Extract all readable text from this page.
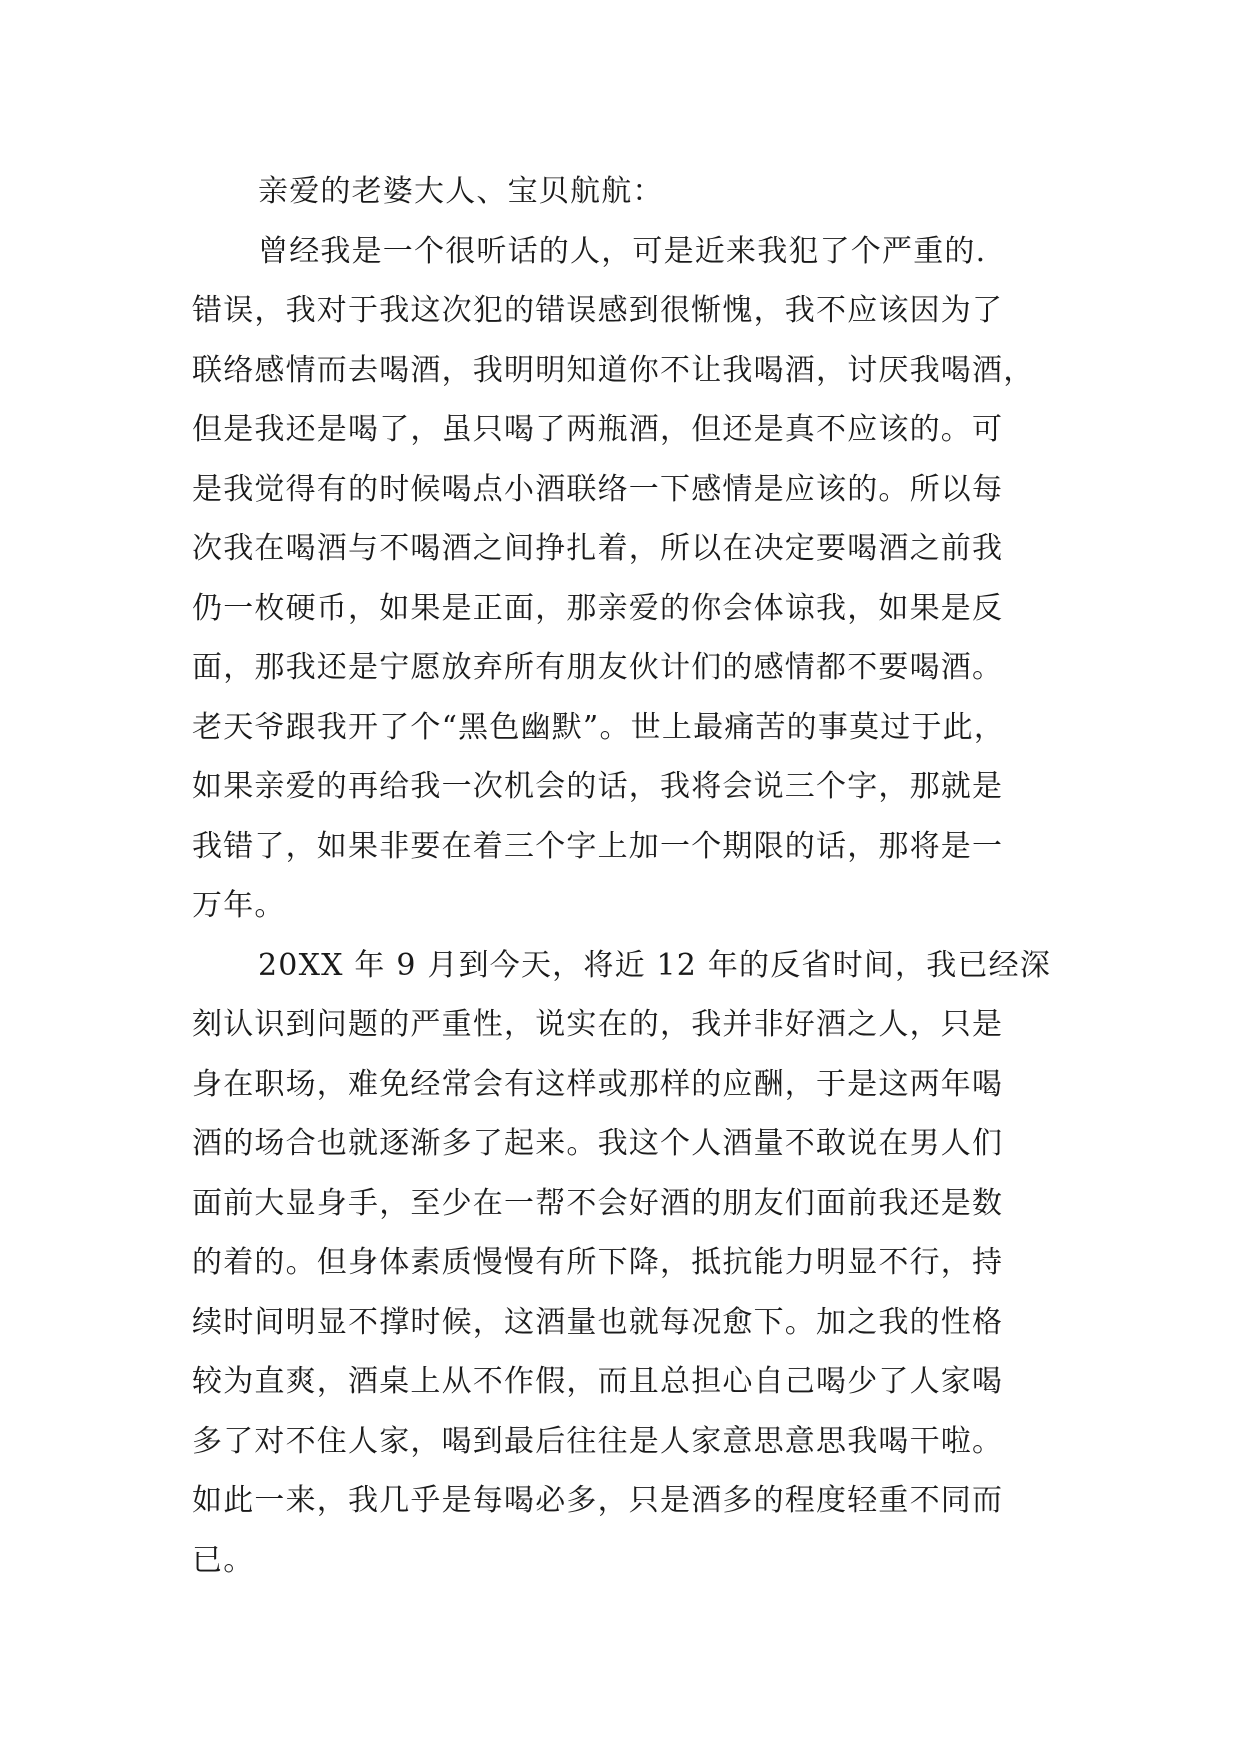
亲爱的老婆大人、宝贝航航：
曾经我是一个很听话的人，可是近来我犯了个严重的.
错误，我对于我这次犯的错误感到很惭愧，我不应该因为了
联络感情而去喝酒，我明明知道你不让我喝酒，讨厌我喝酒，
但是我还是喝了，虽只喝了两瓶酒，但还是真不应该的。可
是我觉得有的时候喝点小酒联络一下感情是应该的。所以每
次我在喝酒与不喝酒之间挣扎着，所以在决定要喝酒之前我
仍一枚硬币，如果是正面，那亲爱的你会体谅我，如果是反
面，那我还是宁愿放弃所有朋友伙计们的感情都不要喝酒。
老天爷跟我开了个“黑色幽默”。世上最痛苦的事莫过于此，
如果亲爱的再给我一次机会的话，我将会说三个字，那就是
我错了，如果非要在着三个字上加一个期限的话，那将是一
万年。
20XX 年 9 月到今天，将近 12 年的反省时间，我已经深
刻认识到问题的严重性，说实在的，我并非好酒之人，只是
身在职场，难免经常会有这样或那样的应酬，于是这两年喝
酒的场合也就逐渐多了起来。我这个人酒量不敢说在男人们
面前大显身手，至少在一帮不会好酒的朋友们面前我还是数
的着的。但身体素质慢慢有所下降，抵抗能力明显不行，持
续时间明显不撑时候，这酒量也就每况愈下。加之我的性格
较为直爽，酒桌上从不作假，而且总担心自己喝少了人家喝
多了对不住人家，喝到最后往往是人家意思意思我喝干啦。
如此一来，我几乎是每喝必多，只是酒多的程度轻重不同而
已。
